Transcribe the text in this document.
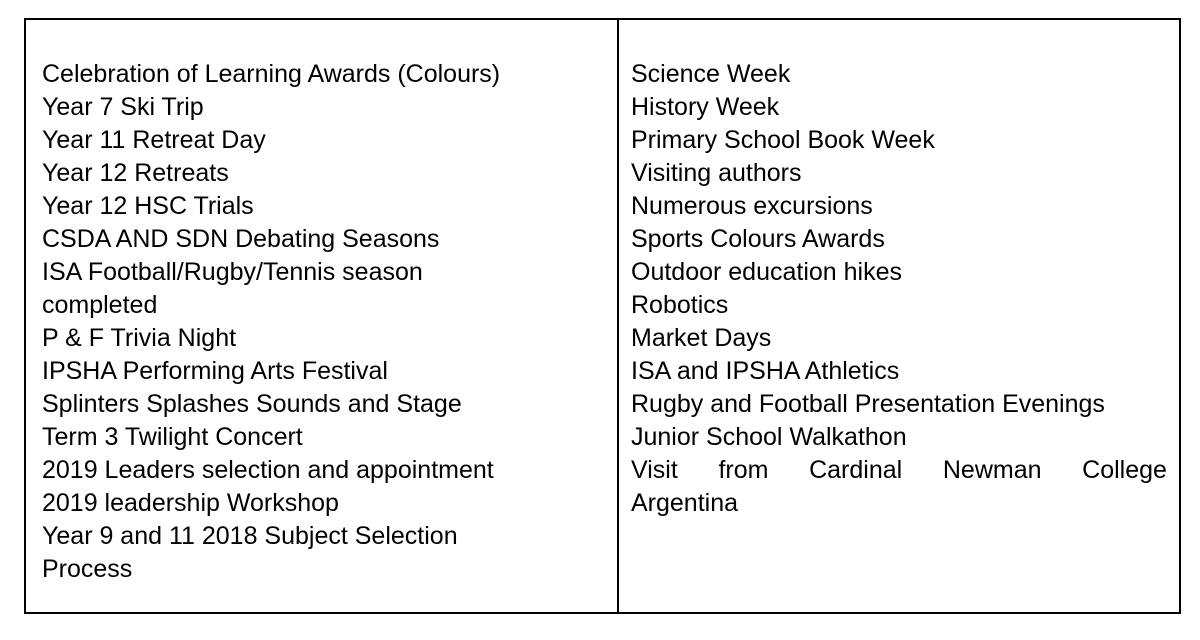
Celebration of Learning Awards (Colours)
Year 7 Ski Trip
Year 11 Retreat Day
Year 12 Retreats
Year 12 HSC Trials
CSDA AND SDN Debating Seasons
ISA Football/Rugby/Tennis season
completed
P & F Trivia Night
IPSHA Performing Arts Festival
Splinters Splashes Sounds and Stage
Term 3 Twilight Concert
2019 Leaders selection and appointment
2019 leadership Workshop
Year 9 and 11 2018 Subject Selection
Process
Science Week
History Week
Primary School Book Week
Visiting authors
Numerous excursions
Sports Colours Awards
Outdoor education hikes
Robotics
Market Days
ISA and IPSHA Athletics
Rugby and Football Presentation Evenings
Junior School Walkathon
Visit from Cardinal Newman College
Argentina
